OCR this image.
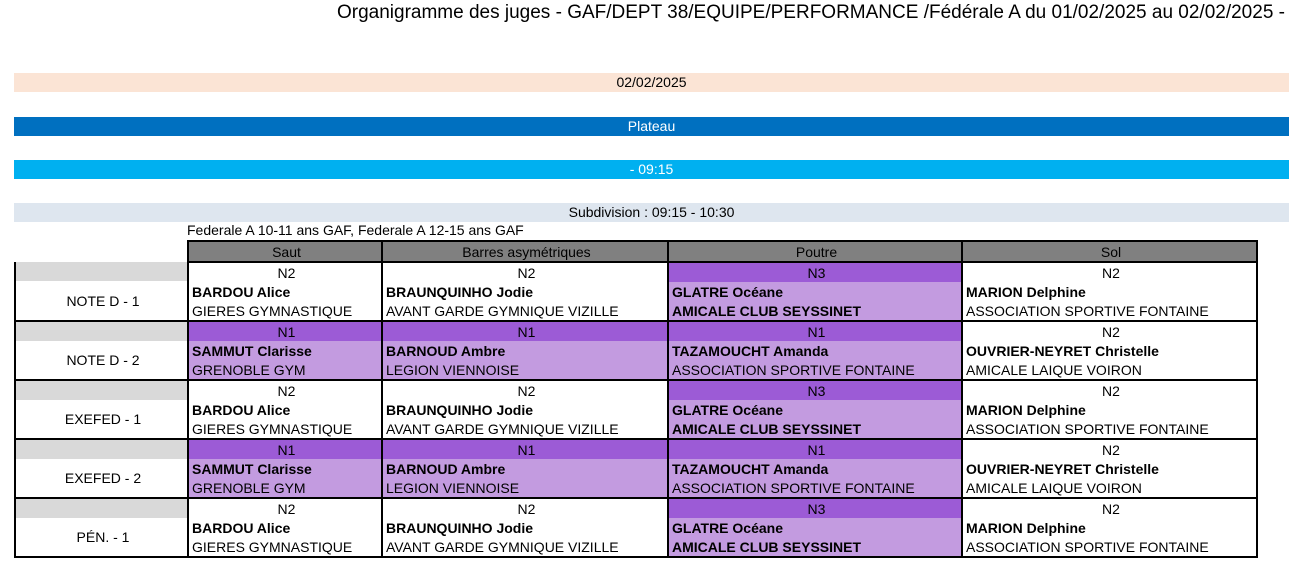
Organigramme des juges - GAF/DEPT 38/EQUIPE/PERFORMANCE /Fédérale A du 01/02/2025 au 02/02/2025 -
02/02/2025
Plateau
- 09:15
Subdivision : 09:15 - 10:30
Federale A 10-11 ans GAF, Federale A 12-15 ans GAF
	Saut	Barres asymétriques	Poutre	Sol
NOTE D - 1	N2	N2	N3	N2
	BARDOU Alice	BRAUNQUINHO Jodie	GLATRE Océane	MARION Delphine
	GIERES GYMNASTIQUE	AVANT GARDE GYMNIQUE VIZILLE	AMICALE CLUB SEYSSINET	ASSOCIATION SPORTIVE FONTAINE
NOTE D - 2	N1	N1	N1	N2
	SAMMUT Clarisse	BARNOUD Ambre	TAZAMOUCHT Amanda	OUVRIER-NEYRET Christelle
	GRENOBLE GYM	LEGION VIENNOISE	ASSOCIATION SPORTIVE FONTAINE	AMICALE LAIQUE VOIRON
EXEFED - 1	N2	N2	N3	N2
	BARDOU Alice	BRAUNQUINHO Jodie	GLATRE Océane	MARION Delphine
	GIERES GYMNASTIQUE	AVANT GARDE GYMNIQUE VIZILLE	AMICALE CLUB SEYSSINET	ASSOCIATION SPORTIVE FONTAINE
EXEFED - 2	N1	N1	N1	N2
	SAMMUT Clarisse	BARNOUD Ambre	TAZAMOUCHT Amanda	OUVRIER-NEYRET Christelle
	GRENOBLE GYM	LEGION VIENNOISE	ASSOCIATION SPORTIVE FONTAINE	AMICALE LAIQUE VOIRON
PÉN. - 1	N2	N2	N3	N2
	BARDOU Alice	BRAUNQUINHO Jodie	GLATRE Océane	MARION Delphine
	GIERES GYMNASTIQUE	AVANT GARDE GYMNIQUE VIZILLE	AMICALE CLUB SEYSSINET	ASSOCIATION SPORTIVE FONTAINE
